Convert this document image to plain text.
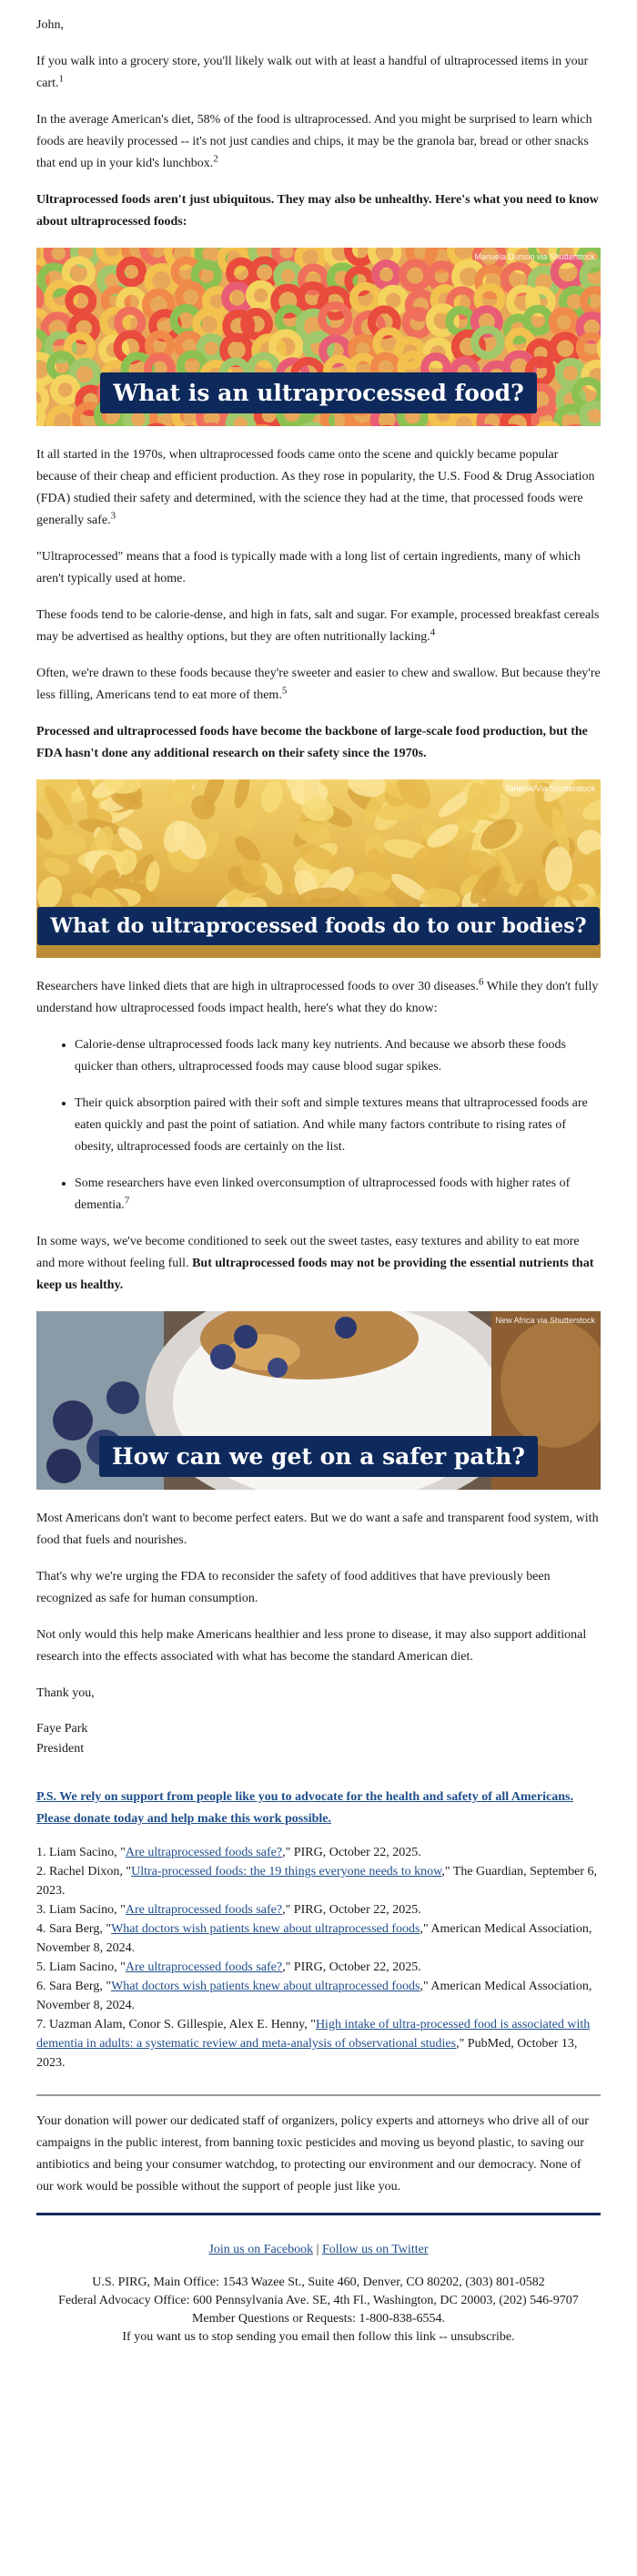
John,

If you walk into a grocery store, you'll likely walk out with at least a handful of ultraprocessed items in your cart.$^1$

In the average American's diet, 58% of the food is ultraprocessed. And you might be surprised to learn which foods are heavily processed -- it's not just candies and chips, it may be the granola bar, bread or other snacks that end up in your kid's lunchbox.$^2$

Ultraprocessed foods aren't just ubiquitous. They may also be unhealthy. Here's what you need to know about ultraprocessed foods:

Manuela Durson via Shutterstock
What is an ultraprocessed food?

It all started in the 1970s, when ultraprocessed foods came onto the scene and quickly became popular because of their cheap and efficient production. As they rose in popularity, the U.S. Food & Drug Association (FDA) studied their safety and determined, with the science they had at the time, that processed foods were generally safe.$^3$

"Ultraprocessed" means that a food is typically made with a long list of certain ingredients, many of which aren't typically used at home.

These foods tend to be calorie-dense, and high in fats, salt and sugar. For example, processed breakfast cereals may be advertised as healthy options, but they are often nutritionally lacking.$^4$

Often, we're drawn to these foods because they're sweeter and easier to chew and swallow. But because they're less filling, Americans tend to eat more of them.$^5$

Processed and ultraprocessed foods have become the backbone of large-scale food production, but the FDA hasn't done any additional research on their safety since the 1970s.

Tarlenik/Via Shutterstock
What do ultraprocessed foods do to our bodies?

Researchers have linked diets that are high in ultraprocessed foods to over 30 diseases.$^6$ While they don't fully understand how ultraprocessed foods impact health, here's what they do know:

• Calorie-dense ultraprocessed foods lack many key nutrients. And because we absorb these foods quicker than others, ultraprocessed foods may cause blood sugar spikes.
• Their quick absorption paired with their soft and simple textures means that ultraprocessed foods are eaten quickly and past the point of satiation. And while many factors contribute to rising rates of obesity, ultraprocessed foods are certainly on the list.
• Some researchers have even linked overconsumption of ultraprocessed foods with higher rates of dementia.$^7$

In some ways, we've become conditioned to seek out the sweet tastes, easy textures and ability to eat more and more without feeling full. But ultraprocessed foods may not be providing the essential nutrients that keep us healthy.

New Africa via Shutterstock
How can we get on a safer path?

Most Americans don't want to become perfect eaters. But we do want a safe and transparent food system, with food that fuels and nourishes.

That's why we're urging the FDA to reconsider the safety of food additives that have previously been recognized as safe for human consumption.

Not only would this help make Americans healthier and less prone to disease, it may also support additional research into the effects associated with what has become the standard American diet.

Thank you,

Faye Park
President

P.S. We rely on support from people like you to advocate for the health and safety of all Americans. Please donate today and help make this work possible.

1. Liam Sacino, "Are ultraprocessed foods safe?," PIRG, October 22, 2025.
2. Rachel Dixon, "Ultra-processed foods: the 19 things everyone needs to know," The Guardian, September 6, 2023.
3. Liam Sacino, "Are ultraprocessed foods safe?," PIRG, October 22, 2025.
4. Sara Berg, "What doctors wish patients knew about ultraprocessed foods," American Medical Association, November 8, 2024.
5. Liam Sacino, "Are ultraprocessed foods safe?," PIRG, October 22, 2025.
6. Sara Berg, "What doctors wish patients knew about ultraprocessed foods," American Medical Association, November 8, 2024.
7. Uazman Alam, Conor S. Gillespie, Alex E. Henny, "High intake of ultra-processed food is associated with dementia in adults: a systematic review and meta-analysis of observational studies," PubMed, October 13, 2023.

Your donation will power our dedicated staff of organizers, policy experts and attorneys who drive all of our campaigns in the public interest, from banning toxic pesticides and moving us beyond plastic, to saving our antibiotics and being your consumer watchdog, to protecting our environment and our democracy. None of our work would be possible without the support of people just like you.

Join us on Facebook | Follow us on Twitter
U.S. PIRG, Main Office: 1543 Wazee St., Suite 460, Denver, CO 80202, (303) 801-0582
Federal Advocacy Office: 600 Pennsylvania Ave. SE, 4th Fl., Washington, DC 20003, (202) 546-9707
Member Questions or Requests: 1-800-838-6554.
If you want us to stop sending you email then follow this link -- unsubscribe.
